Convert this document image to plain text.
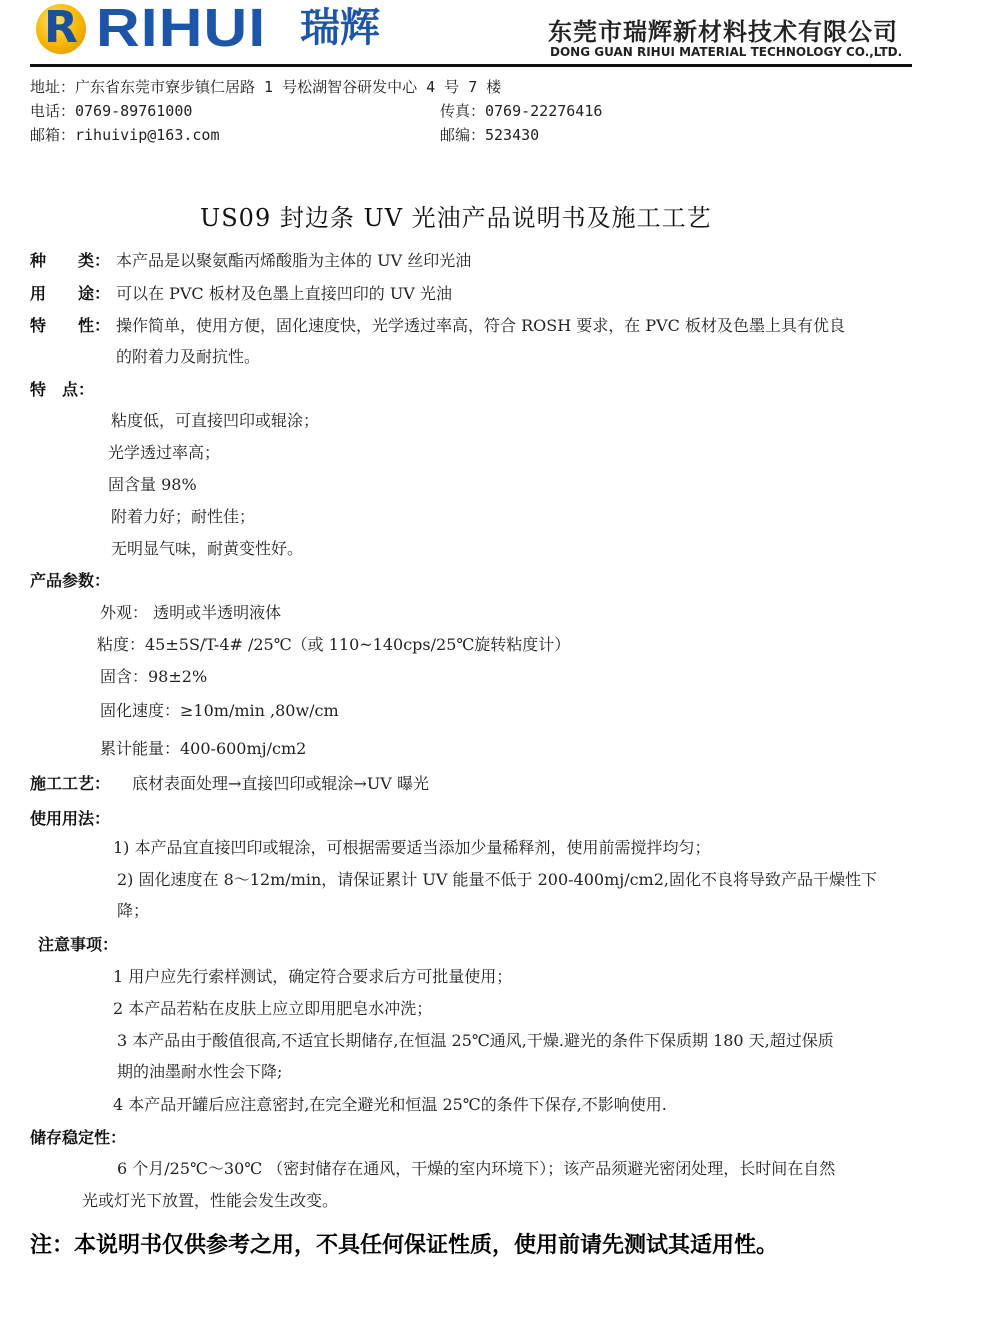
R RIHUI 瑞辉	东莞市瑞辉新材料技术有限公司
DONG GUAN RIHUI MATERIAL TECHNOLOGY CO.,LTD.
地址：广东省东莞市寮步镇仁居路 1 号松湖智谷研发中心 4 号 7 楼
电话：0769-89761000	传真：0769-22276416
邮箱：rihuivip@163.com	邮编：523430
US09 封边条 UV 光油产品说明书及施工工艺
种　　类： 本产品是以聚氨酯丙烯酸脂为主体的 UV 丝印光油
用　　途： 可以在 PVC 板材及色墨上直接凹印的 UV 光油
特　　性： 操作简单，使用方便，固化速度快，光学透过率高，符合 ROSH 要求，在 PVC 板材及色墨上具有优良
的附着力及耐抗性。
特　点：
粘度低，可直接凹印或辊涂；
光学透过率高；
固含量 98%
附着力好；耐性佳；
无明显气味，耐黄变性好。
产品参数：
外观： 透明或半透明液体
粘度：45±5S/T-4# /25℃（或 110~140cps/25℃旋转粘度计）
固含：98±2%
固化速度：≥10m/min ,80w/cm
累计能量：400-600mj/cm2
施工工艺： 底材表面处理→直接凹印或辊涂→UV 曝光
使用用法：
1) 本产品宜直接凹印或辊涂，可根据需要适当添加少量稀释剂，使用前需搅拌均匀；
2) 固化速度在 8～12m/min，请保证累计 UV 能量不低于 200-400mj/cm2,固化不良将导致产品干燥性下
降；
注意事项：
1 用户应先行索样测试，确定符合要求后方可批量使用；
2 本产品若粘在皮肤上应立即用肥皂水冲洗；
3 本产品由于酸值很高,不适宜长期储存,在恒温 25℃通风,干燥.避光的条件下保质期 180 天,超过保质
期的油墨耐水性会下降;
4 本产品开罐后应注意密封,在完全避光和恒温 25℃的条件下保存,不影响使用.
储存稳定性：
6 个月/25℃～30℃ （密封储存在通风，干燥的室内环境下）；该产品须避光密闭处理，长时间在自然
光或灯光下放置，性能会发生改变。
注：本说明书仅供参考之用，不具任何保证性质，使用前请先测试其适用性。
